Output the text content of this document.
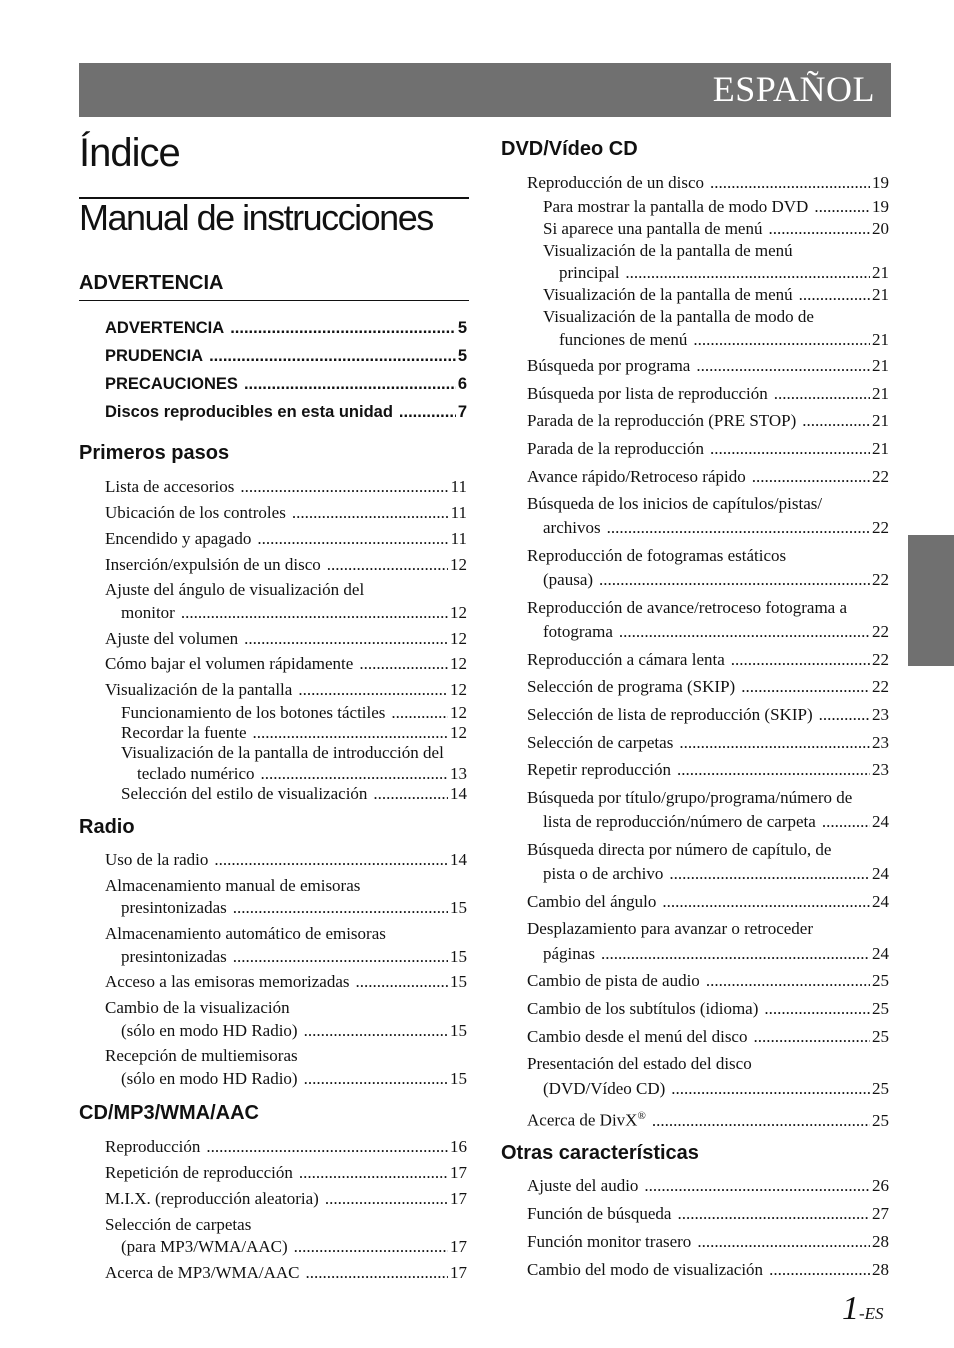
ESPAÑOL
Índice
Manual de instrucciones
ADVERTENCIA
ADVERTENCIA .....	5
PRUDENCIA .....	5
PRECAUCIONES .....	6
Discos reproducibles en esta unidad .....	7
Primeros pasos
Lista de accesorios .....	11
Ubicación de los controles .....	11
Encendido y apagado .....	11
Inserción/expulsión de un disco .....	12
Ajuste del ángulo de visualización del
monitor .....	12
Ajuste del volumen .....	12
Cómo bajar el volumen rápidamente .....	12
Visualización de la pantalla .....	12
Funcionamiento de los botones táctiles .....	12
Recordar la fuente .....	12
Visualización de la pantalla de introducción del
teclado numérico .....	13
Selección del estilo de visualización .....	14
Radio
Uso de la radio .....	14
Almacenamiento manual de emisoras
presintonizadas .....	15
Almacenamiento automático de emisoras
presintonizadas .....	15
Acceso a las emisoras memorizadas .....	15
Cambio de la visualización
(sólo en modo HD Radio) .....	15
Recepción de multiemisoras
(sólo en modo HD Radio) .....	15
CD/MP3/WMA/AAC
Reproducción .....	16
Repetición de reproducción .....	17
M.I.X. (reproducción aleatoria) .....	17
Selección de carpetas
(para MP3/WMA/AAC) .....	17
Acerca de MP3/WMA/AAC .....	17
DVD/Vídeo CD
Reproducción de un disco .....	19
Para mostrar la pantalla de modo DVD .....	19
Si aparece una pantalla de menú .....	20
Visualización de la pantalla de menú
principal .....	21
Visualización de la pantalla de menú .....	21
Visualización de la pantalla de modo de
funciones de menú .....	21
Búsqueda por programa .....	21
Búsqueda por lista de reproducción .....	21
Parada de la reproducción (PRE STOP) .....	21
Parada de la reproducción .....	21
Avance rápido/Retroceso rápido .....	22
Búsqueda de los inicios de capítulos/pistas/
archivos .....	22
Reproducción de fotogramas estáticos
(pausa) .....	22
Reproducción de avance/retroceso fotograma a
fotograma .....	22
Reproducción a cámara lenta .....	22
Selección de programa (SKIP) .....	22
Selección de lista de reproducción (SKIP) .....	23
Selección de carpetas .....	23
Repetir reproducción .....	23
Búsqueda por título/grupo/programa/número de
lista de reproducción/número de carpeta .....	24
Búsqueda directa por número de capítulo, de
pista o de archivo .....	24
Cambio del ángulo .....	24
Desplazamiento para avanzar o retroceder
páginas .....	24
Cambio de pista de audio .....	25
Cambio de los subtítulos (idioma) .....	25
Cambio desde el menú del disco .....	25
Presentación del estado del disco
(DVD/Vídeo CD) .....	25
Acerca de DivX® .....	25
Otras características
Ajuste del audio .....	26
Función de búsqueda .....	27
Función monitor trasero .....	28
Cambio del modo de visualización .....	28
1-ES
